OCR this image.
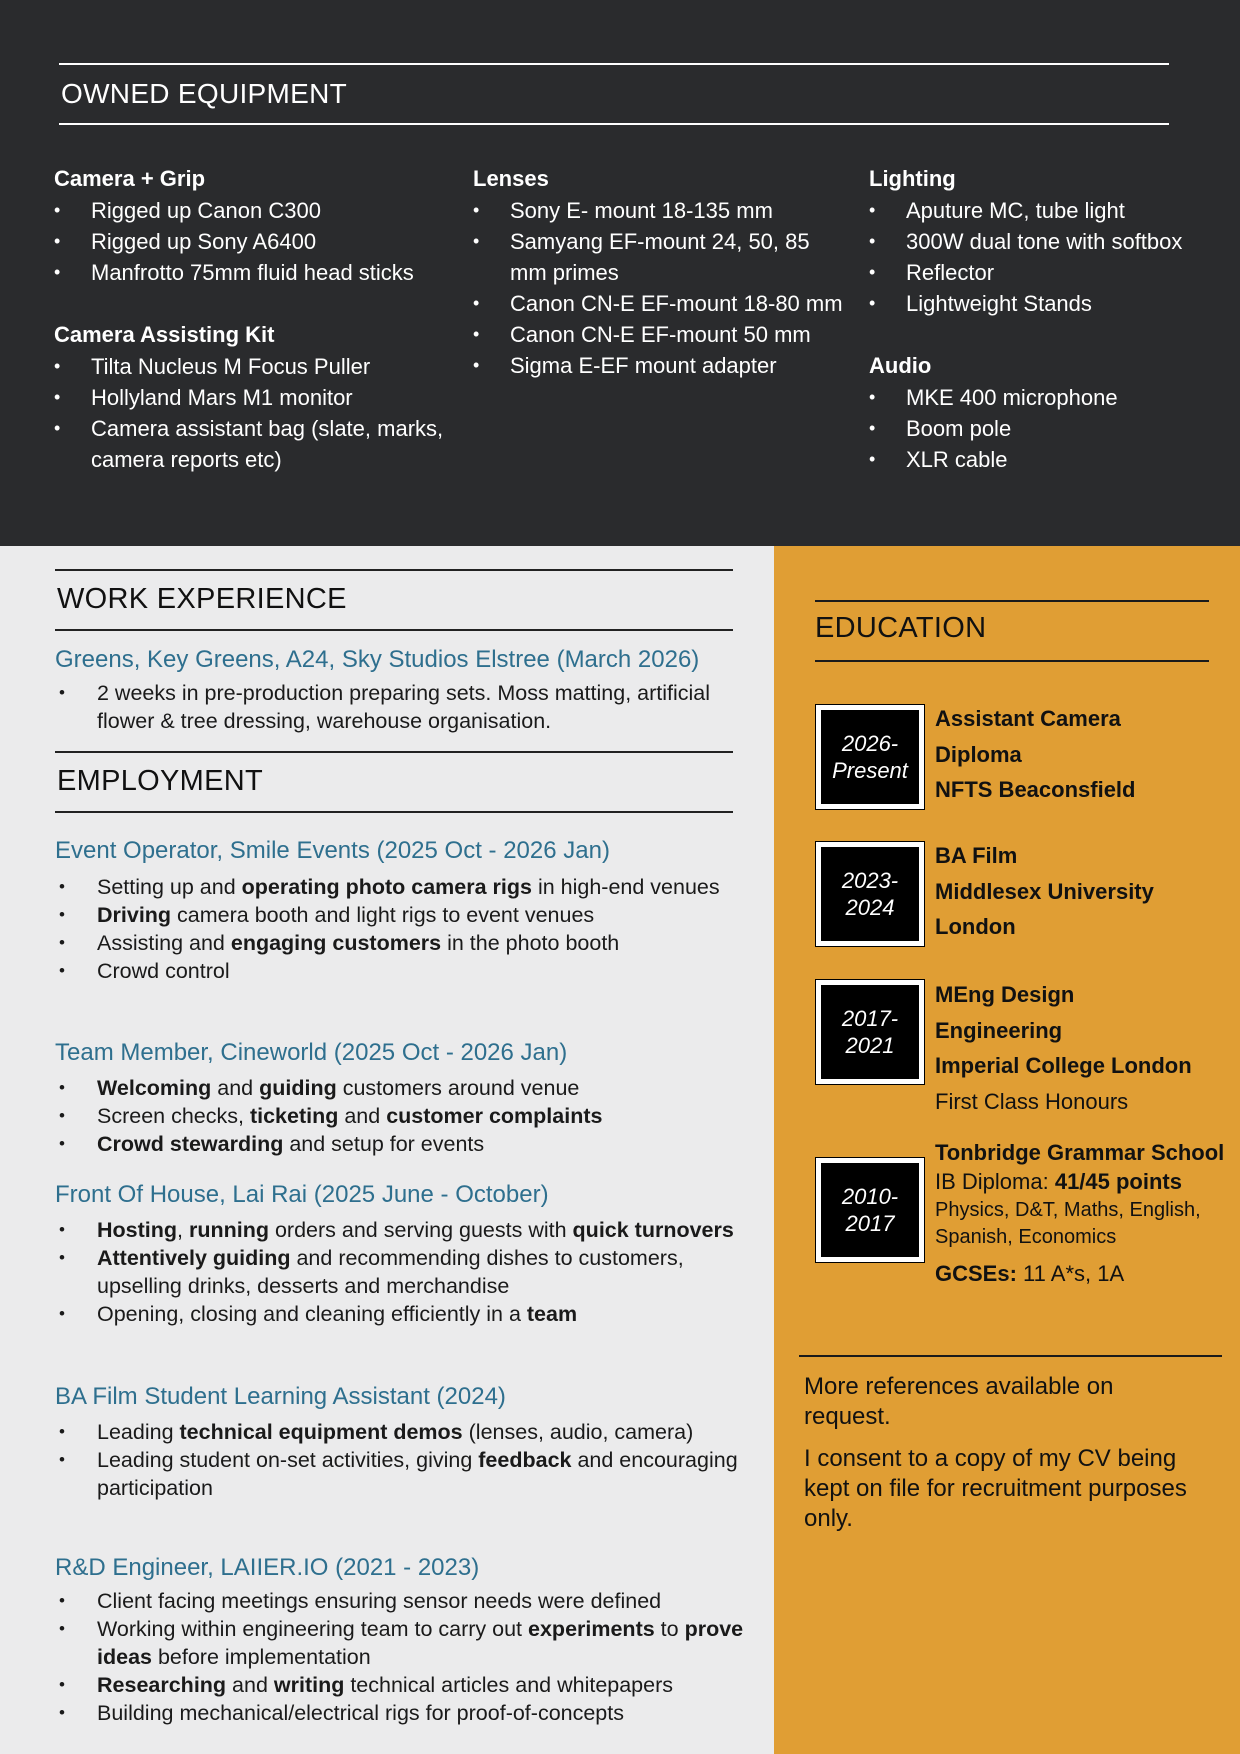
OWNED EQUIPMENT
Camera + Grip
• Rigged up Canon C300
• Rigged up Sony A6400
• Manfrotto 75mm fluid head sticks
Camera Assisting Kit
• Tilta Nucleus M Focus Puller
• Hollyland Mars M1 monitor
• Camera assistant bag (slate, marks, camera reports etc)
Lenses
• Sony E- mount 18-135 mm
• Samyang EF-mount 24, 50, 85 mm primes
• Canon CN-E EF-mount 18-80 mm
• Canon CN-E EF-mount 50 mm
• Sigma E-EF mount adapter
Lighting
• Aputure MC, tube light
• 300W dual tone with softbox
• Reflector
• Lightweight Stands
Audio
• MKE 400 microphone
• Boom pole
• XLR cable
WORK EXPERIENCE
Greens, Key Greens, A24, Sky Studios Elstree (March 2026)
• 2 weeks in pre-production preparing sets. Moss matting, artificial flower & tree dressing, warehouse organisation.
EMPLOYMENT
Event Operator, Smile Events (2025 Oct - 2026 Jan)
• Setting up and operating photo camera rigs in high-end venues
• Driving camera booth and light rigs to event venues
• Assisting and engaging customers in the photo booth
• Crowd control
Team Member, Cineworld (2025 Oct - 2026 Jan)
• Welcoming and guiding customers around venue
• Screen checks, ticketing and customer complaints
• Crowd stewarding and setup for events
Front Of House, Lai Rai (2025 June - October)
• Hosting, running orders and serving guests with quick turnovers
• Attentively guiding and recommending dishes to customers, upselling drinks, desserts and merchandise
• Opening, closing and cleaning efficiently in a team
BA Film Student Learning Assistant (2024)
• Leading technical equipment demos (lenses, audio, camera)
• Leading student on-set activities, giving feedback and encouraging participation
R&D Engineer, LAIIER.IO (2021 - 2023)
• Client facing meetings ensuring sensor needs were defined
• Working within engineering team to carry out experiments to prove ideas before implementation
• Researching and writing technical articles and whitepapers
• Building mechanical/electrical rigs for proof-of-concepts
EDUCATION
2026-
Present
Assistant Camera
Diploma
NFTS Beaconsfield
2023-
2024
BA Film
Middlesex University
London
2017-
2021
MEng Design
Engineering
Imperial College London
First Class Honours
2010-
2017
Tonbridge Grammar School
IB Diploma: 41/45 points
Physics, D&T, Maths, English, Spanish, Economics
GCSEs: 11 A*s, 1A
More references available on request.
I consent to a copy of my CV being kept on file for recruitment purposes only.
